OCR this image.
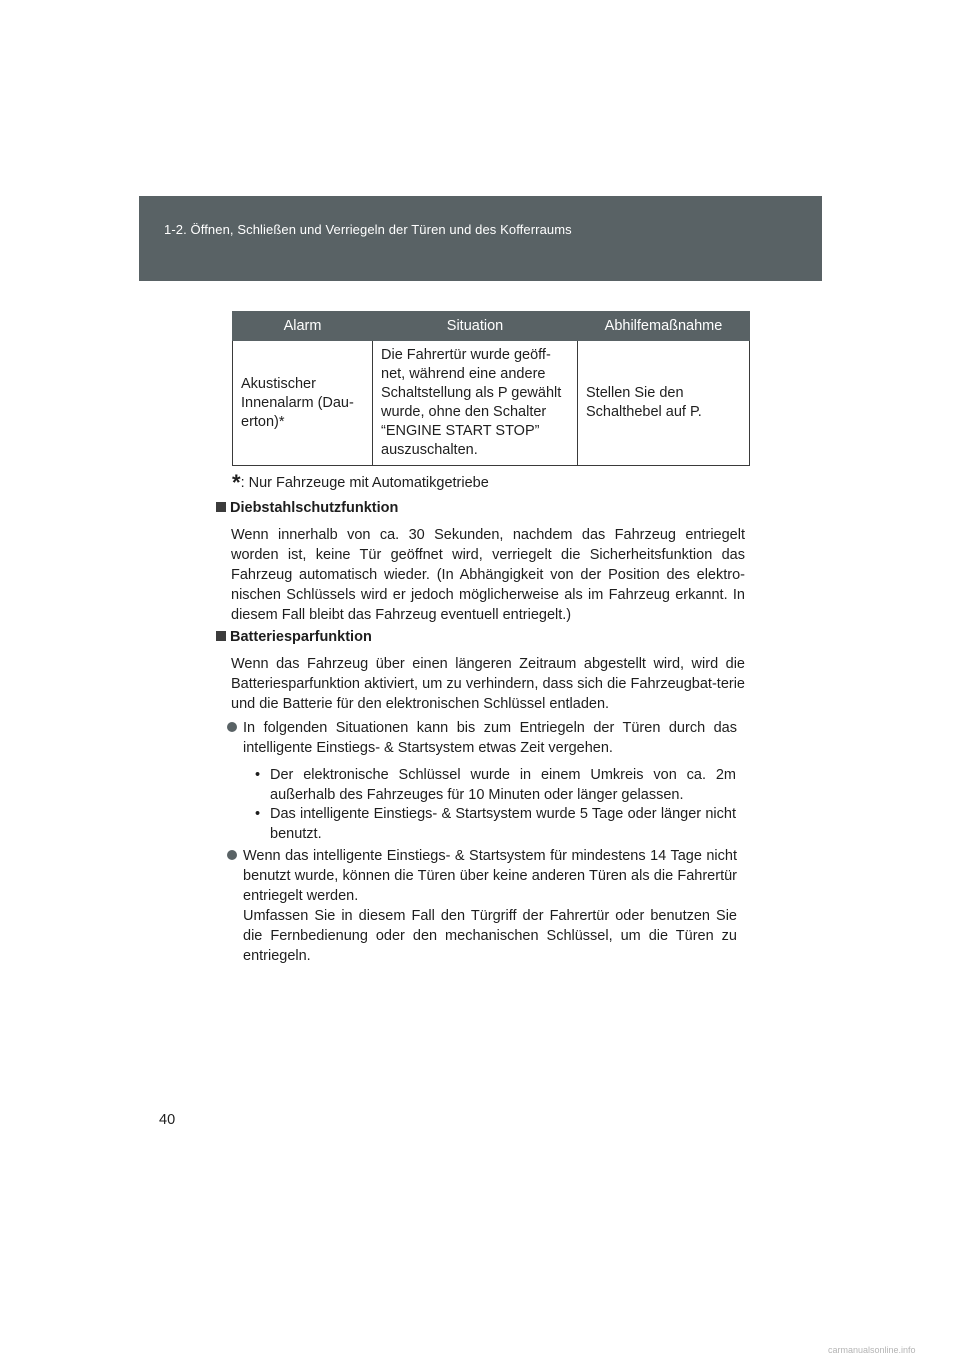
1-2. Öffnen, Schließen und Verriegeln der Türen und des Kofferraums
Alarm	Situation	Abhilfemaßnahme
Akustischer Innenalarm (Dau-erton)*	Die Fahrertür wurde geöff-net, während eine andere Schaltstellung als P gewählt wurde, ohne den Schalter “ENGINE START STOP” auszuschalten.	Stellen Sie den Schalthebel auf P.
*: Nur Fahrzeuge mit Automatikgetriebe
Diebstahlschutzfunktion
Wenn innerhalb von ca. 30 Sekunden, nachdem das Fahrzeug entriegelt worden ist, keine Tür geöffnet wird, verriegelt die Sicherheitsfunktion das Fahrzeug automatisch wieder. (In Abhängigkeit von der Position des elektro-nischen Schlüssels wird er jedoch möglicherweise als im Fahrzeug erkannt. In diesem Fall bleibt das Fahrzeug eventuell entriegelt.)
Batteriesparfunktion
Wenn das Fahrzeug über einen längeren Zeitraum abgestellt wird, wird die Batteriesparfunktion aktiviert, um zu verhindern, dass sich die Fahrzeugbat-terie und die Batterie für den elektronischen Schlüssel entladen.
In folgenden Situationen kann bis zum Entriegeln der Türen durch das intelligente Einstiegs- & Startsystem etwas Zeit vergehen.
• Der elektronische Schlüssel wurde in einem Umkreis von ca. 2m außerhalb des Fahrzeuges für 10 Minuten oder länger gelassen.
• Das intelligente Einstiegs- & Startsystem wurde 5 Tage oder länger nicht benutzt.
Wenn das intelligente Einstiegs- & Startsystem für mindestens 14 Tage nicht benutzt wurde, können die Türen über keine anderen Türen als die Fahrertür entriegelt werden.
Umfassen Sie in diesem Fall den Türgriff der Fahrertür oder benutzen Sie die Fernbedienung oder den mechanischen Schlüssel, um die Türen zu entriegeln.
40
carmanualsonline.info
